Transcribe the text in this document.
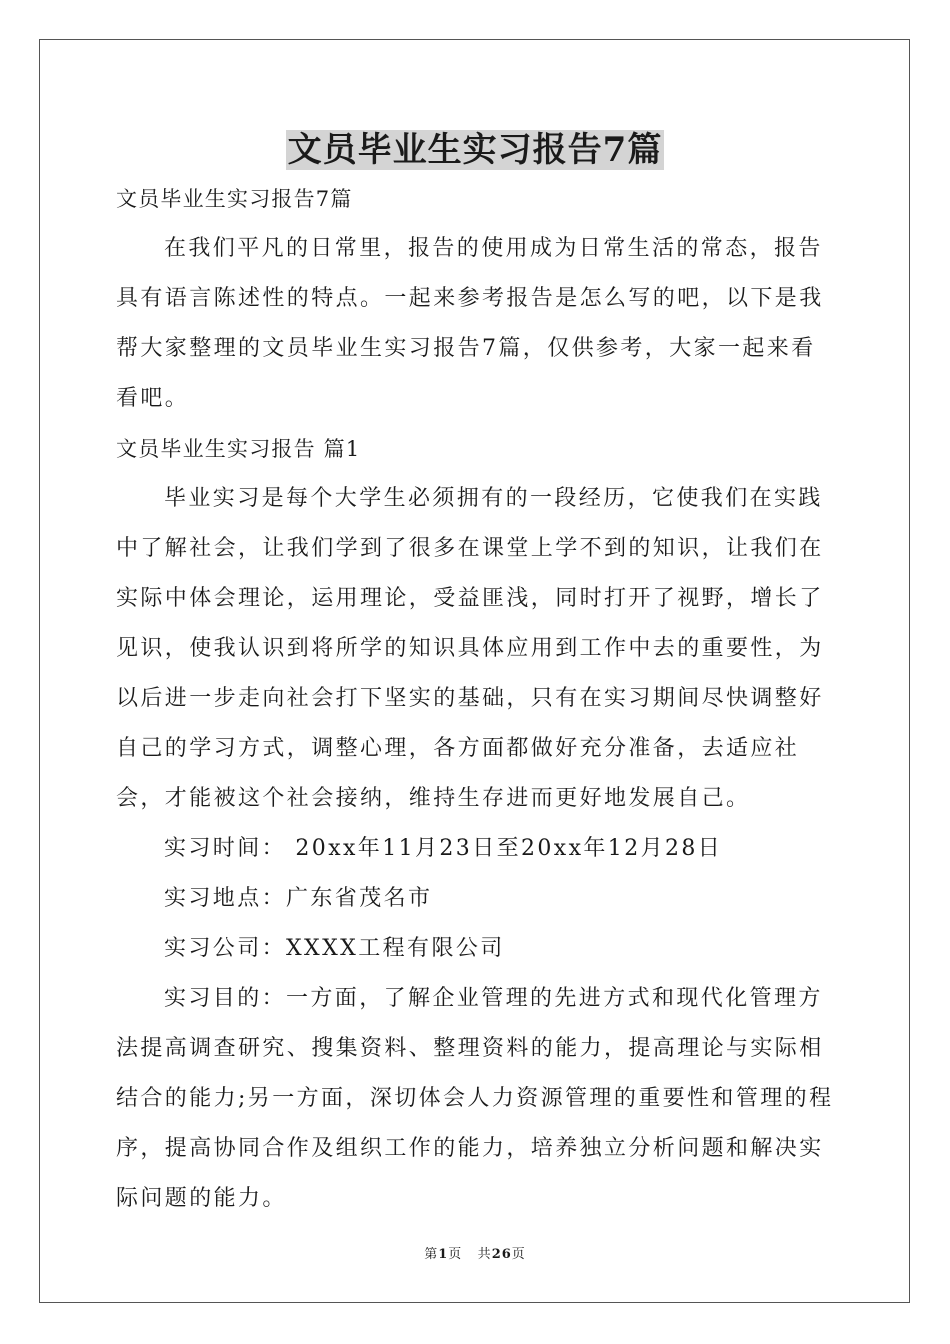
文员毕业生实习报告7篇

文员毕业生实习报告7篇

在我们平凡的日常里，报告的使用成为日常生活的常态，报告具有语言陈述性的特点。一起来参考报告是怎么写的吧，以下是我帮大家整理的文员毕业生实习报告7篇，仅供参考，大家一起来看看吧。

文员毕业生实习报告 篇1

毕业实习是每个大学生必须拥有的一段经历，它使我们在实践中了解社会，让我们学到了很多在课堂上学不到的知识，让我们在实际中体会理论，运用理论，受益匪浅，同时打开了视野，增长了见识，使我认识到将所学的知识具体应用到工作中去的重要性，为以后进一步走向社会打下坚实的基础，只有在实习期间尽快调整好自己的学习方式，调整心理，各方面都做好充分准备，去适应社会，才能被这个社会接纳，维持生存进而更好地发展自己。

实习时间： 20xx年11月23日至20xx年12月28日

实习地点：广东省茂名市

实习公司：XXXX工程有限公司

实习目的：一方面，了解企业管理的先进方式和现代化管理方法提高调查研究、搜集资料、整理资料的能力，提高理论与实际相结合的能力;另一方面，深切体会人力资源管理的重要性和管理的程序，提高协同合作及组织工作的能力，培养独立分析问题和解决实际问题的能力。

第1页 共26页
